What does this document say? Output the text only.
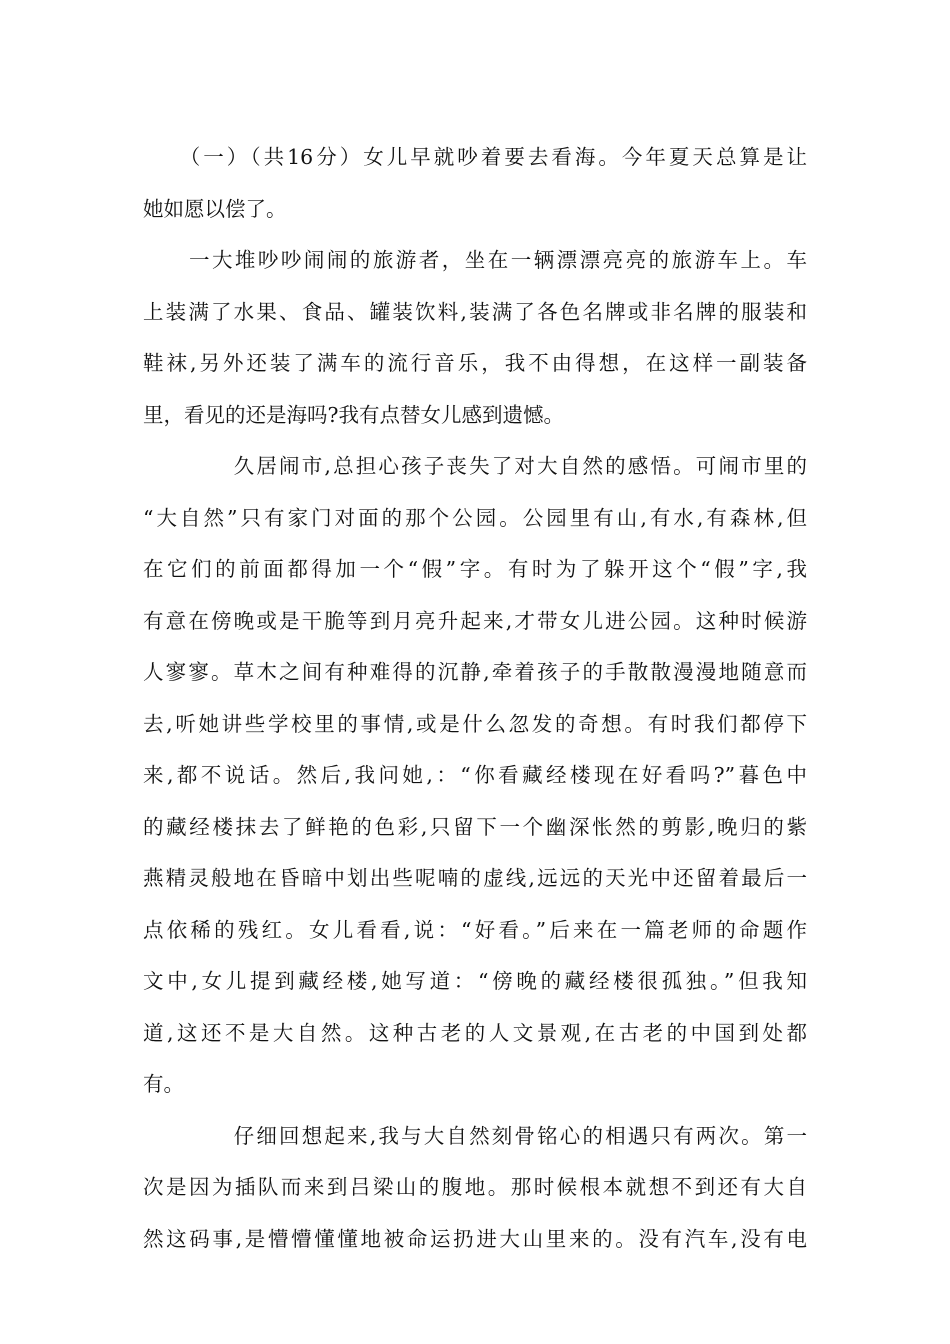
　　（一）（共16分）女儿早就吵着要去看海。今年夏天总算是让
她如愿以偿了。
　　一大堆吵吵闹闹的旅游者，坐在一辆漂漂亮亮的旅游车上。车
上装满了水果、食品、罐装饮料,装满了各色名牌或非名牌的服装和
鞋袜,另外还装了满车的流行音乐，我不由得想，在这样一副装备
里，看见的还是海吗?我有点替女儿感到遗憾。
　　　　久居闹市,总担心孩子丧失了对大自然的感悟。可闹市里的
“大自然”只有家门对面的那个公园。公园里有山,有水,有森林,但
在它们的前面都得加一个“假”字。有时为了躲开这个“假”字,我
有意在傍晚或是干脆等到月亮升起来,才带女儿进公园。这种时候游
人寥寥。草木之间有种难得的沉静,牵着孩子的手散散漫漫地随意而
去,听她讲些学校里的事情,或是什么忽发的奇想。有时我们都停下
来,都不说话。然后,我问她,：“你看藏经楼现在好看吗?”暮色中
的藏经楼抹去了鲜艳的色彩,只留下一个幽深怅然的剪影,晚归的紫
燕精灵般地在昏暗中划出些呢喃的虚线,远远的天光中还留着最后一
点依稀的残红。女儿看看,说：“好看。”后来在一篇老师的命题作
文中,女儿提到藏经楼,她写道：“傍晚的藏经楼很孤独。”但我知
道,这还不是大自然。这种古老的人文景观,在古老的中国到处都
有。
　　　　仔细回想起来,我与大自然刻骨铭心的相遇只有两次。第一
次是因为插队而来到吕梁山的腹地。那时候根本就想不到还有大自
然这码事,是懵懵懂懂地被命运扔进大山里来的。没有汽车,没有电
